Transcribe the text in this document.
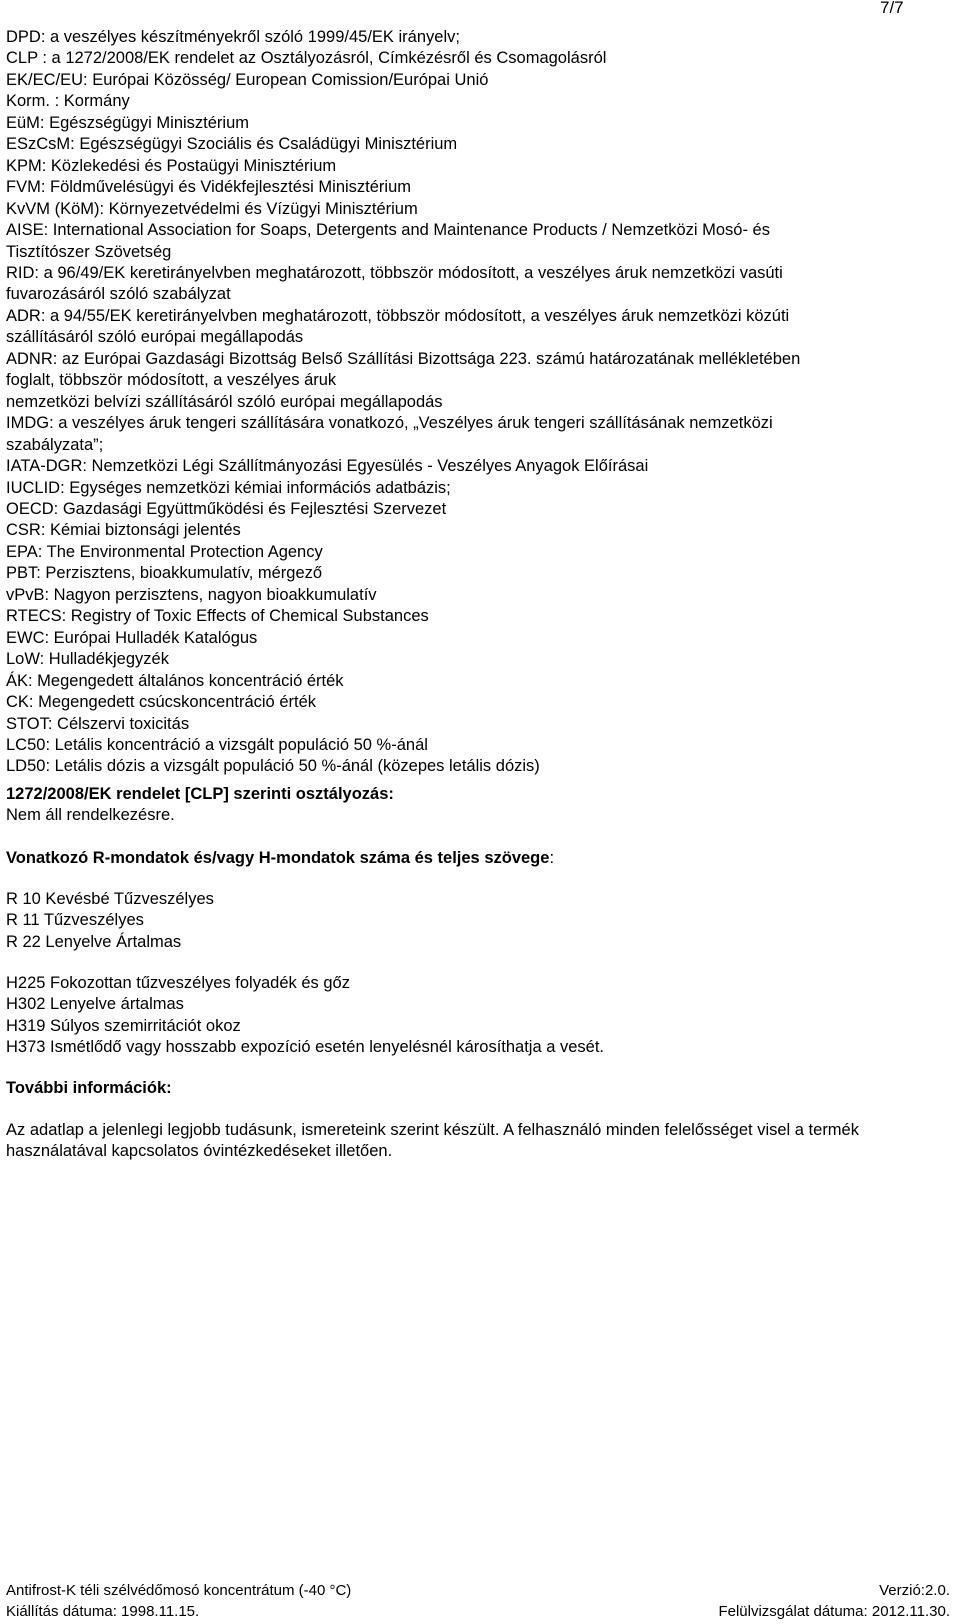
7/7
DPD: a veszélyes készítményekről szóló 1999/45/EK irányelv;
CLP : a 1272/2008/EK rendelet az Osztályozásról, Címkézésről és Csomagolásról
EK/EC/EU: Európai Közösség/ European Comission/Európai Unió
Korm. : Kormány
EüM: Egészségügyi Minisztérium
ESzCsM: Egészségügyi Szociális és Családügyi Minisztérium
KPM: Közlekedési és Postaügyi Minisztérium
FVM: Földművelésügyi és Vidékfejlesztési Minisztérium
KvVM (KöM): Környezetvédelmi és Vízügyi Minisztérium
AISE: International Association for Soaps, Detergents and Maintenance Products / Nemzetközi Mosó- és
Tisztítószer Szövetség
RID: a 96/49/EK keretirányelvben meghatározott, többször módosított, a veszélyes áruk nemzetközi vasúti
fuvarozásáról szóló szabályzat
ADR: a 94/55/EK keretirányelvben meghatározott, többször módosított, a veszélyes áruk nemzetközi közúti
szállításáról szóló európai megállapodás
ADNR: az Európai Gazdasági Bizottság Belső Szállítási Bizottsága 223. számú határozatának mellékletében
foglalt, többször módosított, a veszélyes áruk
nemzetközi belvízi szállításáról szóló európai megállapodás
IMDG: a veszélyes áruk tengeri szállítására vonatkozó, „Veszélyes áruk tengeri szállításának nemzetközi
szabályzata”;
IATA-DGR: Nemzetközi Légi Szállítmányozási Egyesülés - Veszélyes Anyagok Előírásai
IUCLID: Egységes nemzetközi kémiai információs adatbázis;
OECD: Gazdasági Együttműködési és Fejlesztési Szervezet
CSR: Kémiai biztonsági jelentés
EPA: The Environmental Protection Agency
PBT: Perzisztens, bioakkumulatív, mérgező
vPvB: Nagyon perzisztens, nagyon bioakkumulatív
RTECS: Registry of Toxic Effects of Chemical Substances
EWC: Európai Hulladék Katalógus
LoW: Hulladékjegyzék
ÁK: Megengedett általános koncentráció érték
CK: Megengedett csúcskoncentráció érték
STOT: Célszervi toxicitás
LC50: Letális koncentráció a vizsgált populáció 50 %-ánál
LD50: Letális dózis a vizsgált populáció 50 %-ánál (közepes letális dózis)
1272/2008/EK rendelet [CLP] szerinti osztályozás:
Nem áll rendelkezésre.
Vonatkozó R-mondatok és/vagy H-mondatok száma és teljes szövege:
R 10 Kevésbé Tűzveszélyes
R 11 Tűzveszélyes
R 22 Lenyelve Ártalmas
H225 Fokozottan tűzveszélyes folyadék és gőz
H302 Lenyelve ártalmas
H319 Súlyos szemirritációt okoz
H373 Ismétlődő vagy hosszabb expozíció esetén lenyelésnél károsíthatja a vesét.
További információk:
Az adatlap a jelenlegi legjobb tudásunk, ismereteink szerint készült. A felhasználó minden felelősséget visel a termék használatával kapcsolatos óvintézkedéseket illetően.
Antifrost-K téli szélvédőmosó koncentrátum (-40 °C)	Verzió:2.0.
Kiállítás dátuma: 1998.11.15.	Felülvizsgálat dátuma: 2012.11.30.
